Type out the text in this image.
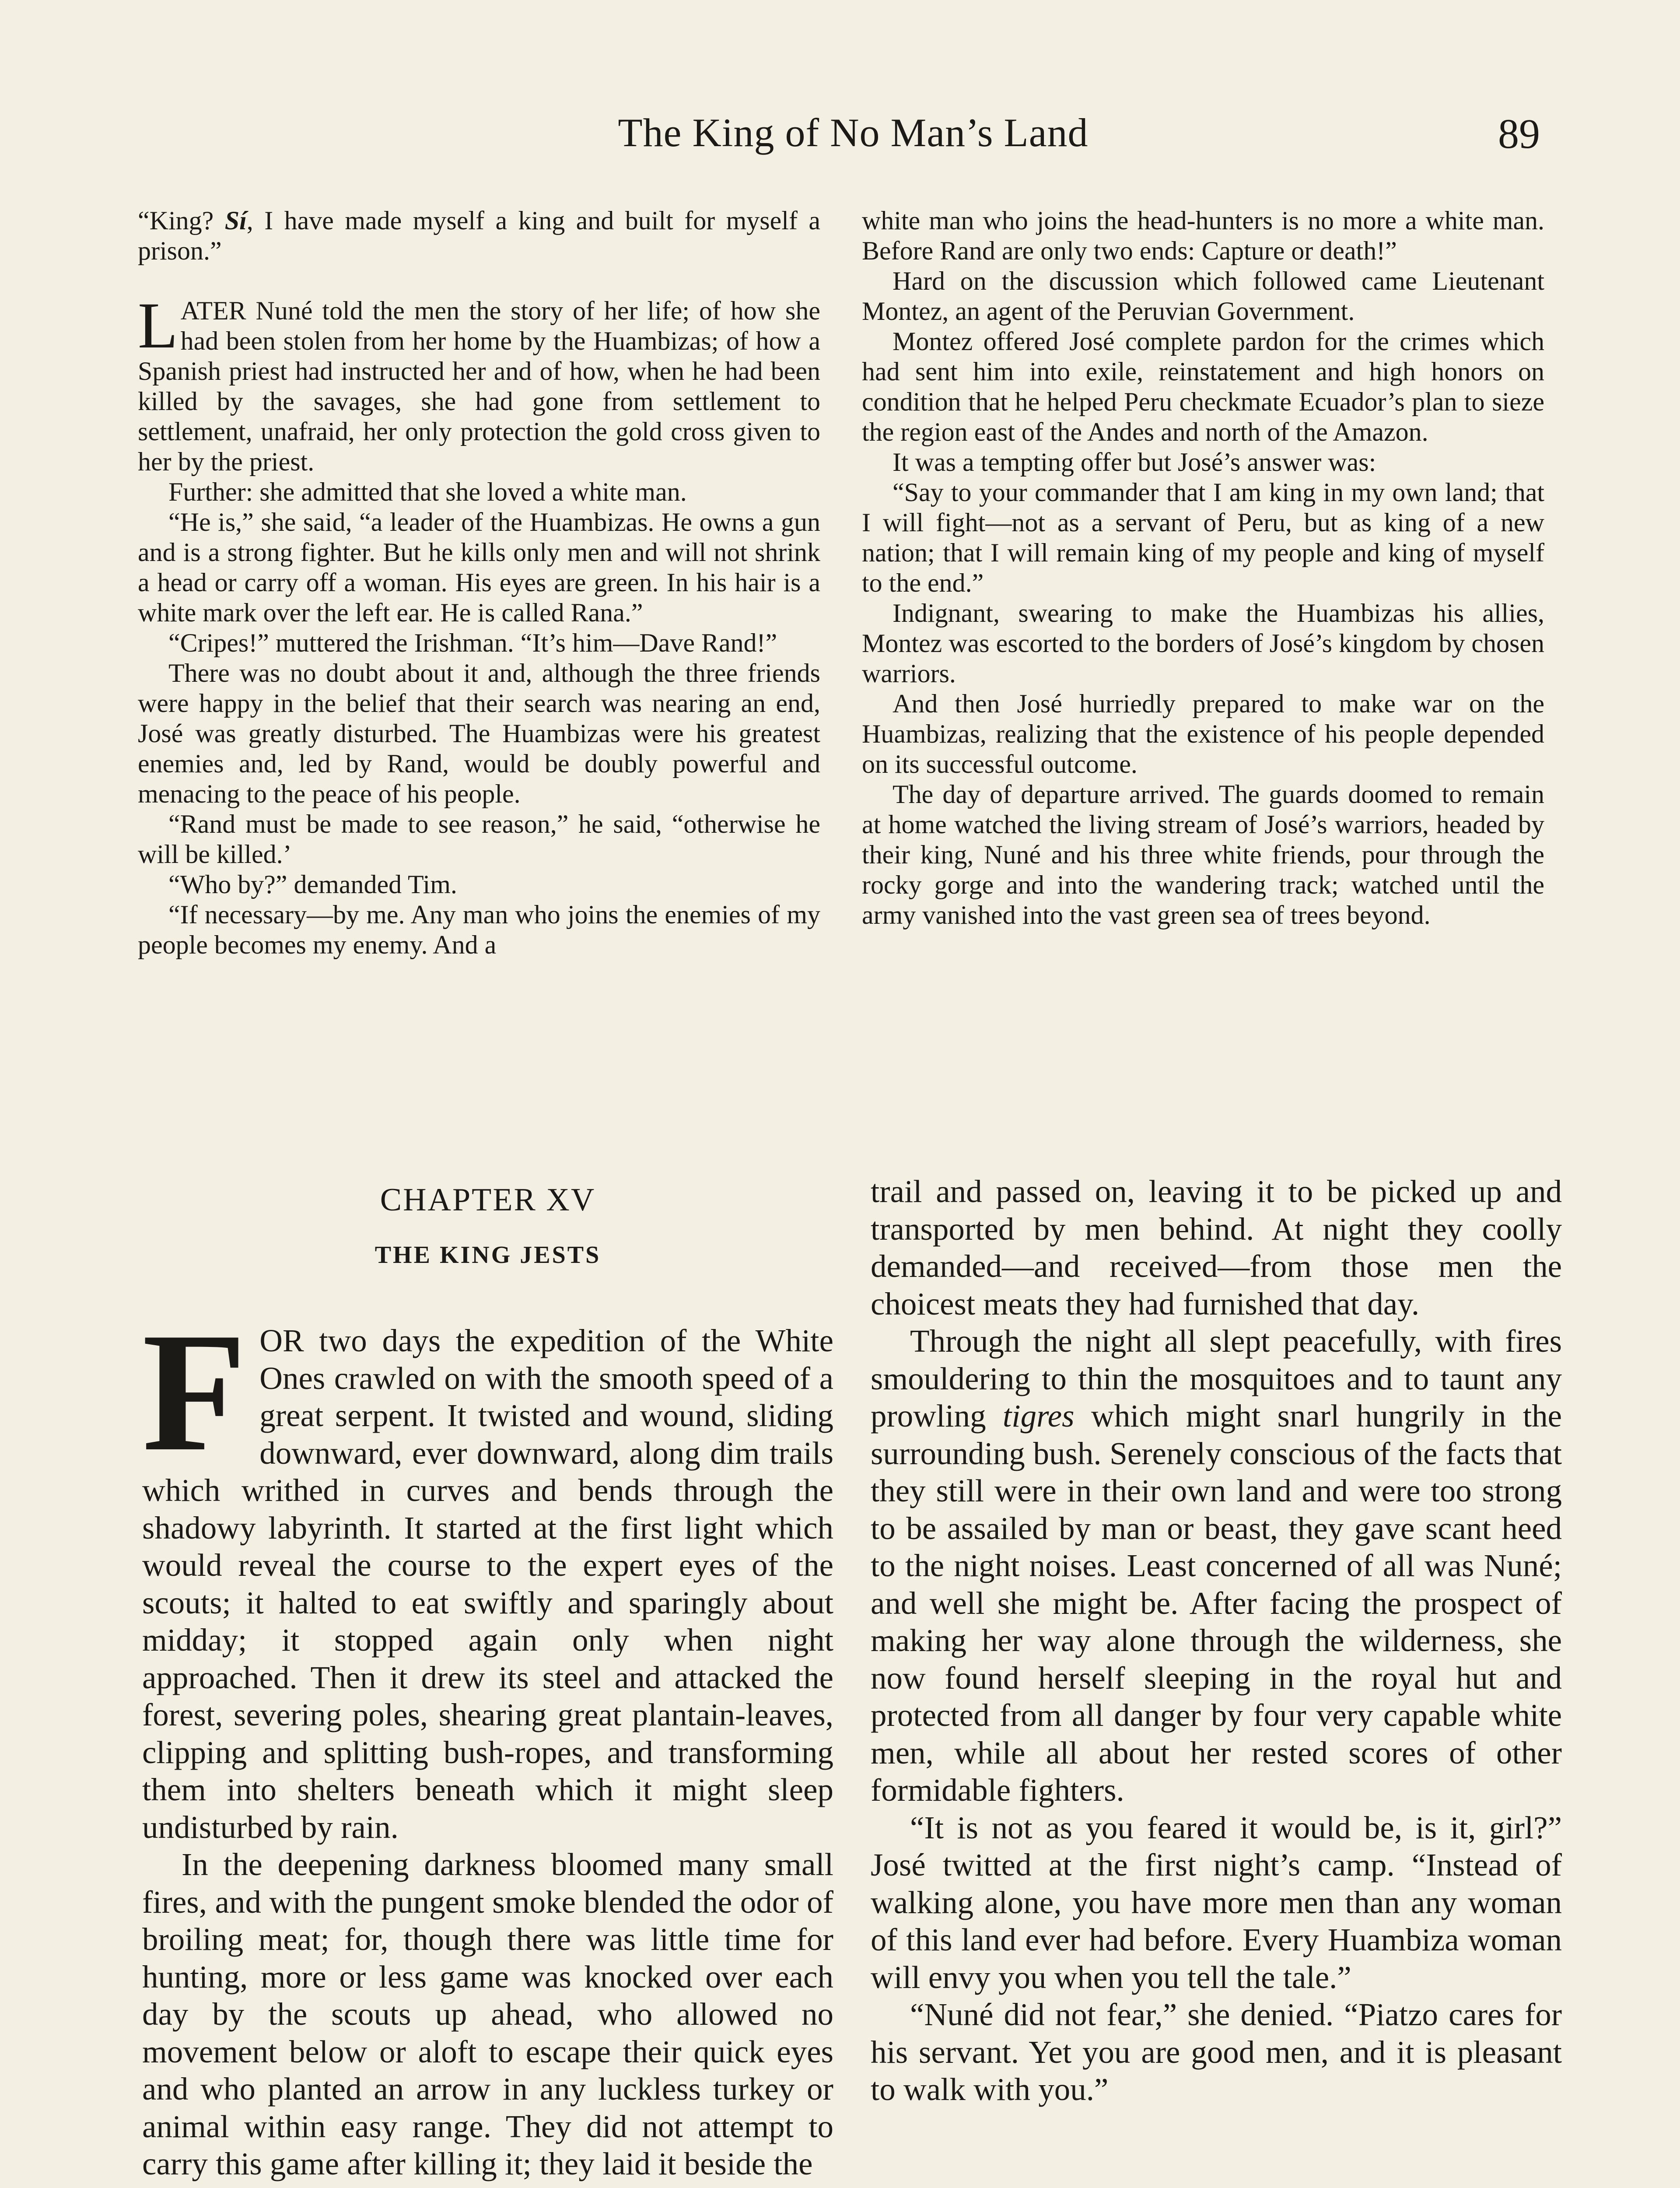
The King of No Man’s Land	89

“King? Sí, I have made myself a king and built for myself a prison.”

LATER Nuné told the men the story of her life; of how she had been stolen from her home by the Huambizas; of how a Spanish priest had instructed her and of how, when he had been killed by the savages, she had gone from settlement to settlement, unafraid, her only protection the gold cross given to her by the priest.

Further: she admitted that she loved a white man.

“He is,” she said, “a leader of the Huambizas. He owns a gun and is a strong fighter. But he kills only men and will not shrink a head or carry off a woman. His eyes are green. In his hair is a white mark over the left ear. He is called Rana.”

“Cripes!” muttered the Irishman. “It’s him—Dave Rand!”

There was no doubt about it and, although the three friends were happy in the belief that their search was nearing an end, José was greatly disturbed. The Huambizas were his greatest enemies and, led by Rand, would be doubly powerful and menacing to the peace of his people.

“Rand must be made to see reason,” he said, “otherwise he will be killed.’

“Who by?” demanded Tim.

“If necessary—by me. Any man who joins the enemies of my people becomes my enemy. And a

white man who joins the head-hunters is no more a white man. Before Rand are only two ends: Capture or death!”

Hard on the discussion which followed came Lieutenant Montez, an agent of the Peruvian Government.

Montez offered José complete pardon for the crimes which had sent him into exile, reinstatement and high honors on condition that he helped Peru checkmate Ecuador’s plan to sieze the region east of the Andes and north of the Amazon.

It was a tempting offer but José’s answer was:

“Say to your commander that I am king in my own land; that I will fight—not as a servant of Peru, but as king of a new nation; that I will remain king of my people and king of myself to the end.”

Indignant, swearing to make the Huambizas his allies, Montez was escorted to the borders of José’s kingdom by chosen warriors.

And then José hurriedly prepared to make war on the Huambizas, realizing that the existence of his people depended on its successful outcome.

The day of departure arrived. The guards doomed to remain at home watched the living stream of José’s warriors, headed by their king, Nuné and his three white friends, pour through the rocky gorge and into the wandering track; watched until the army vanished into the vast green sea of trees beyond.

CHAPTER XV
THE KING JESTS

FOR two days the expedition of the White Ones crawled on with the smooth speed of a great serpent. It twisted and wound, sliding downward, ever downward, along dim trails which writhed in curves and bends through the shadowy labyrinth. It started at the first light which would reveal the course to the expert eyes of the scouts; it halted to eat swiftly and sparingly about midday; it stopped again only when night approached. Then it drew its steel and attacked the forest, severing poles, shearing great plantain-leaves, clipping and splitting bush-ropes, and transforming them into shelters beneath which it might sleep undisturbed by rain.

In the deepening darkness bloomed many small fires, and with the pungent smoke blended the odor of broiling meat; for, though there was little time for hunting, more or less game was knocked over each day by the scouts up ahead, who allowed no movement below or aloft to escape their quick eyes and who planted an arrow in any luckless turkey or animal within easy range. They did not attempt to carry this game after killing it; they laid it beside the

trail and passed on, leaving it to be picked up and transported by men behind. At night they coolly demanded—and received—from those men the choicest meats they had furnished that day.

Through the night all slept peacefully, with fires smouldering to thin the mosquitoes and to taunt any prowling tigres which might snarl hungrily in the surrounding bush. Serenely conscious of the facts that they still were in their own land and were too strong to be assailed by man or beast, they gave scant heed to the night noises. Least concerned of all was Nuné; and well she might be. After facing the prospect of making her way alone through the wilderness, she now found herself sleeping in the royal hut and protected from all danger by four very capable white men, while all about her rested scores of other formidable fighters.

“It is not as you feared it would be, is it, girl?” José twitted at the first night’s camp. “Instead of walking alone, you have more men than any woman of this land ever had before. Every Huambiza woman will envy you when you tell the tale.”

“Nuné did not fear,” she denied. “Piatzo cares for his servant. Yet you are good men, and it is pleasant to walk with you.”
